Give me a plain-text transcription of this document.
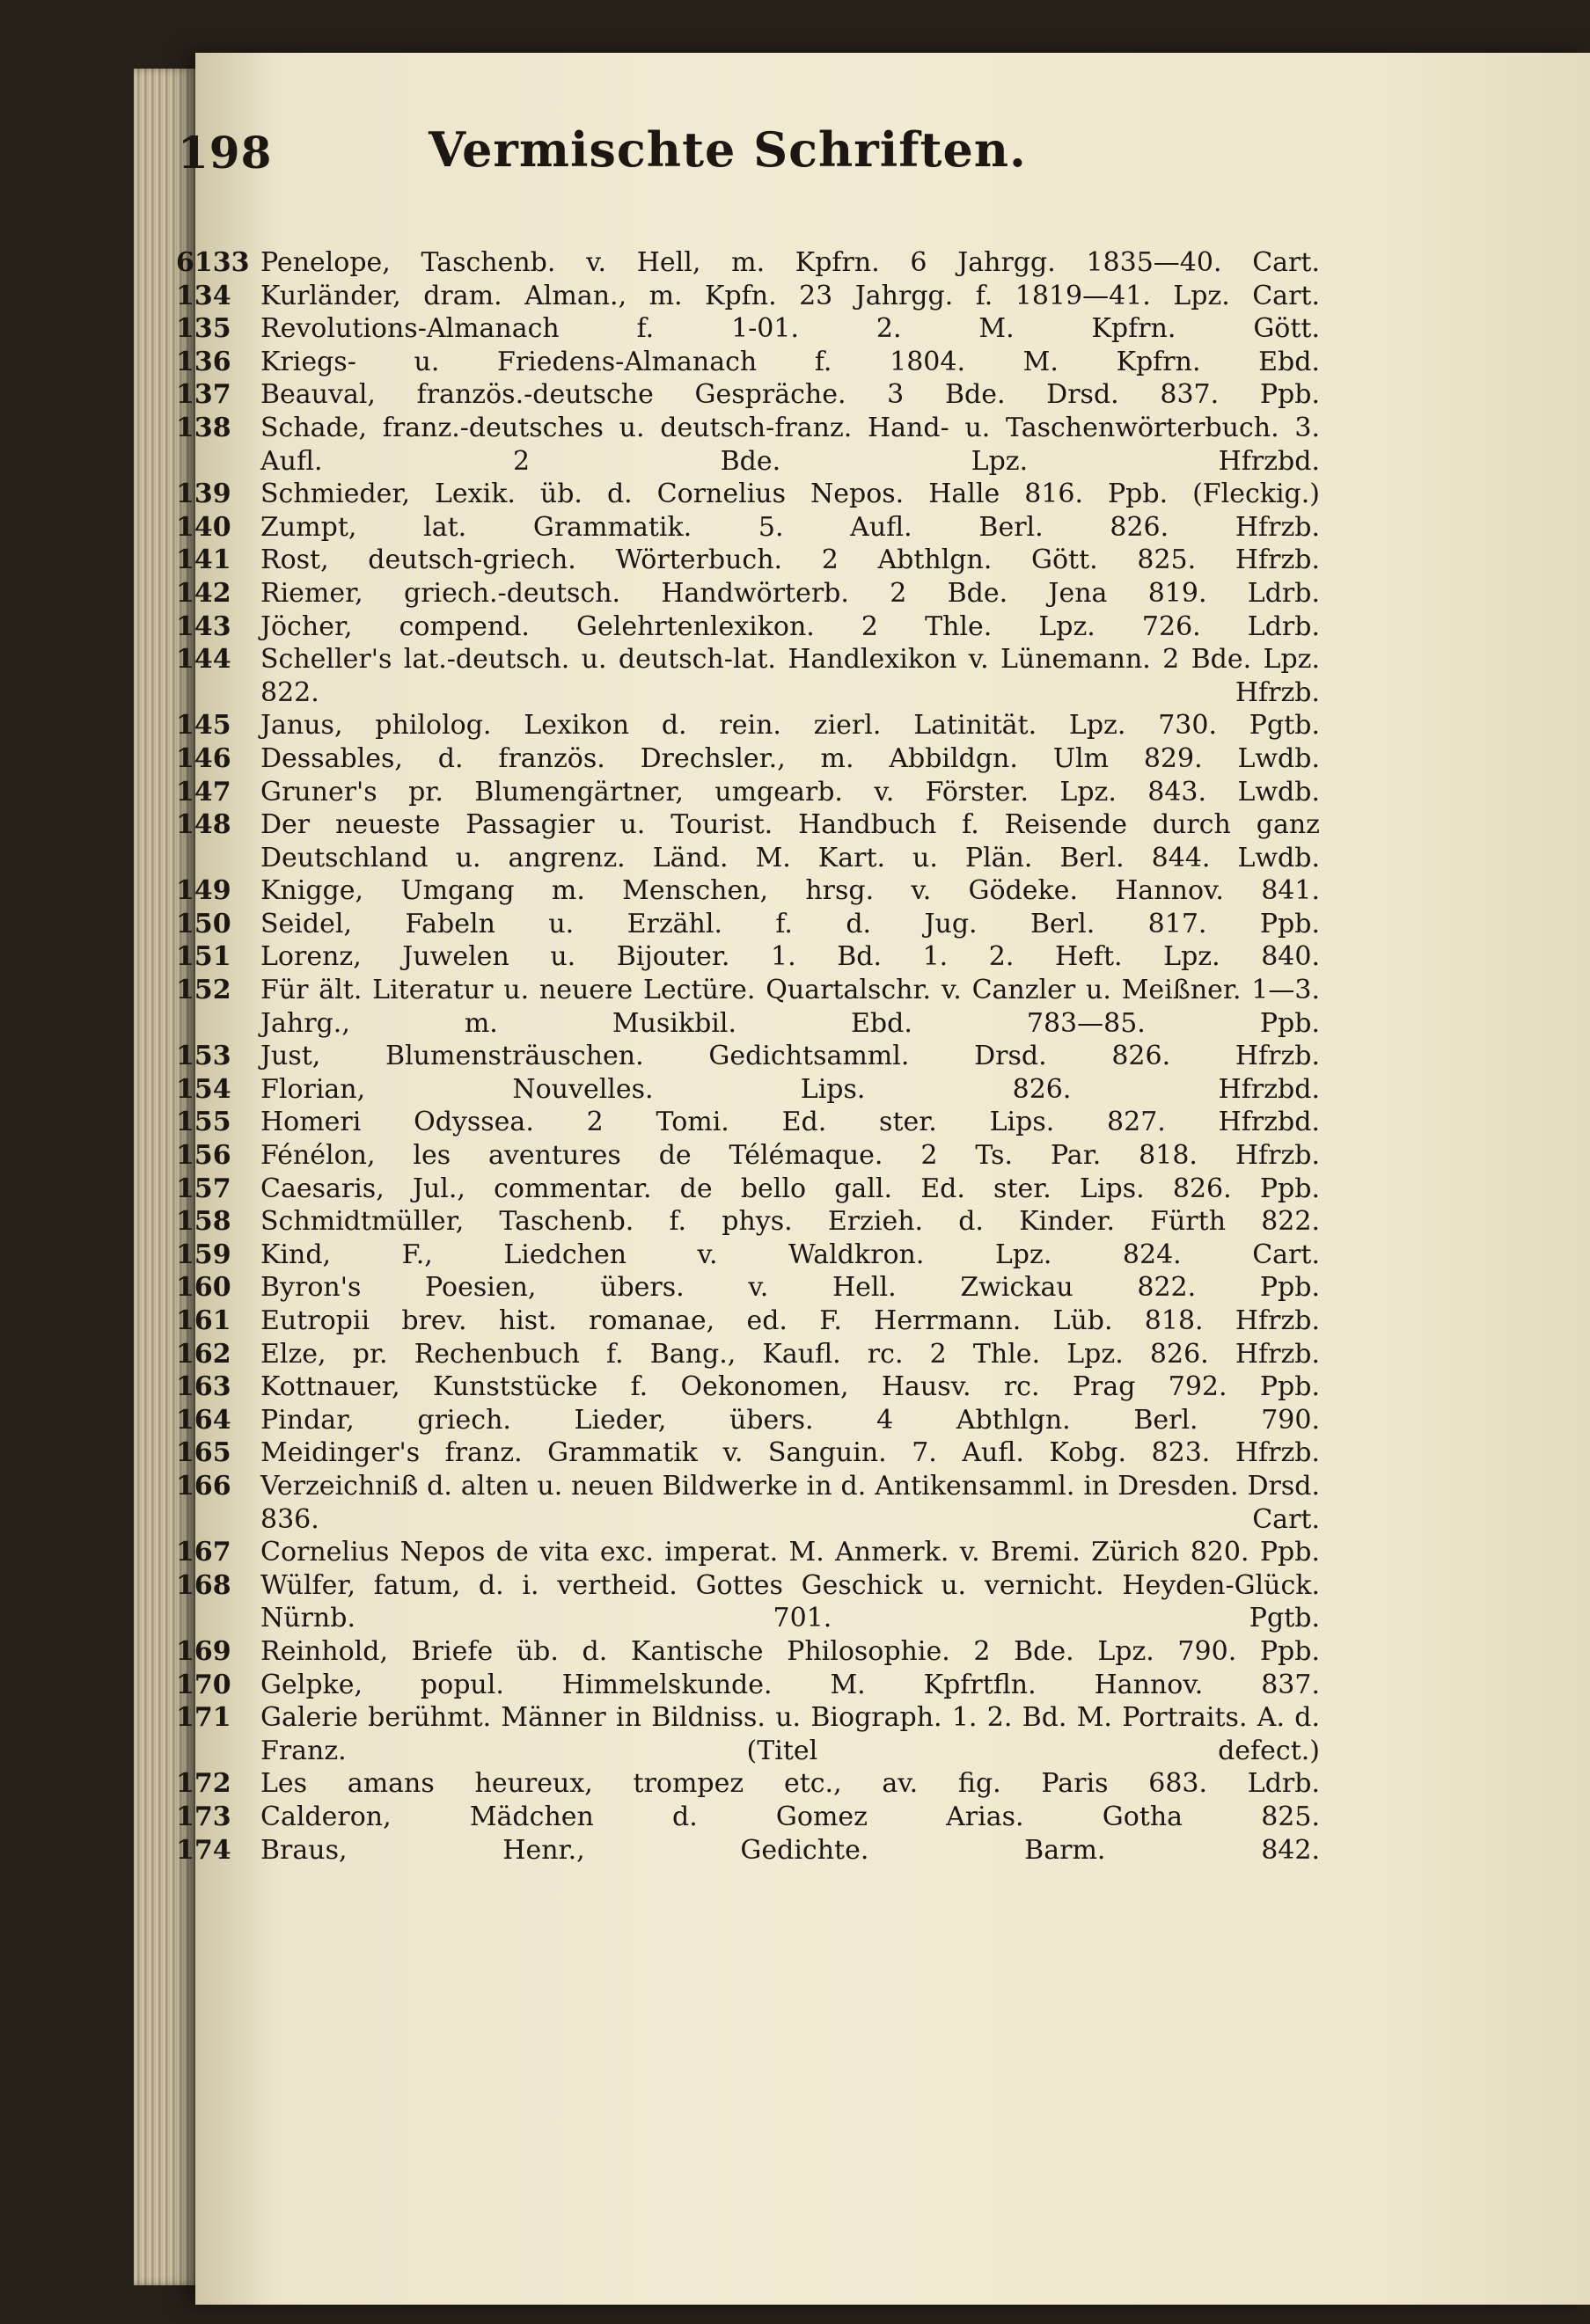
198	Vermischte Schriften.
6133 Penelope, Taschenb. v. Hell, m. Kpfrn. 6 Jahrgg. 1835—40. Cart.
134	Kurländer, dram. Alman., m. Kpfn. 23 Jahrgg. f. 1819—41. Lpz. Cart.
135	Revolutions-Almanach f. 1-01. 2. M. Kpfrn. Gött.
136	Kriegs- u. Friedens-Almanach f. 1804. M. Kpfrn. Ebd.
137	Beauval, französ.-deutsche Gespräche. 3 Bde. Drsd. 837. Ppb.
138	Schade, franz.-deutsches u. deutsch-franz. Hand- u. Taschenwörterbuch. 3. Aufl. 2 Bde. Lpz. Hfrzbd.
139	Schmieder, Lexik. üb. d. Cornelius Nepos. Halle 816. Ppb. (Fleckig.)
140	Zumpt, lat. Grammatik. 5. Aufl. Berl. 826. Hfrzb.
141	Rost, deutsch-griech. Wörterbuch. 2 Abthlgn. Gött. 825. Hfrzb.
142	Riemer, griech.-deutsch. Handwörterb. 2 Bde. Jena 819. Ldrb.
143	Jöcher, compend. Gelehrtenlexikon. 2 Thle. Lpz. 726. Ldrb.
144	Scheller's lat.-deutsch. u. deutsch-lat. Handlexikon v. Lünemann. 2 Bde. Lpz. 822. Hfrzb.
145	Janus, philolog. Lexikon d. rein. zierl. Latinität. Lpz. 730. Pgtb.
146	Dessables, d. französ. Drechsler., m. Abbildgn. Ulm 829. Lwdb.
147	Gruner's pr. Blumengärtner, umgearb. v. Förster. Lpz. 843. Lwdb.
148	Der neueste Passagier u. Tourist. Handbuch f. Reisende durch ganz Deutschland u. angrenz. Länd. M. Kart. u. Plän. Berl. 844. Lwdb.
149	Knigge, Umgang m. Menschen, hrsg. v. Gödeke. Hannov. 841.
150	Seidel, Fabeln u. Erzähl. f. d. Jug. Berl. 817. Ppb.
151	Lorenz, Juwelen u. Bijouter. 1. Bd. 1. 2. Heft. Lpz. 840.
152	Für ält. Literatur u. neuere Lectüre. Quartalschr. v. Canzler u. Meißner. 1—3. Jahrg., m. Musikbil. Ebd. 783—85. Ppb.
153	Just, Blumensträuschen. Gedichtsamml. Drsd. 826. Hfrzb.
154	Florian, Nouvelles. Lips. 826. Hfrzbd.
155	Homeri Odyssea. 2 Tomi. Ed. ster. Lips. 827. Hfrzbd.
156	Fénélon, les aventures de Télémaque. 2 Ts. Par. 818. Hfrzb.
157	Caesaris, Jul., commentar. de bello gall. Ed. ster. Lips. 826. Ppb.
158	Schmidtmüller, Taschenb. f. phys. Erzieh. d. Kinder. Fürth 822.
159	Kind, F., Liedchen v. Waldkron. Lpz. 824. Cart.
160	Byron's Poesien, übers. v. Hell. Zwickau 822. Ppb.
161	Eutropii brev. hist. romanae, ed. F. Herrmann. Lüb. 818. Hfrzb.
162	Elze, pr. Rechenbuch f. Bang., Kaufl. rc. 2 Thle. Lpz. 826. Hfrzb.
163	Kottnauer, Kunststücke f. Oekonomen, Hausv. rc. Prag 792. Ppb.
164	Pindar, griech. Lieder, übers. 4 Abthlgn. Berl. 790.
165	Meidinger's franz. Grammatik v. Sanguin. 7. Aufl. Kobg. 823. Hfrzb.
166	Verzeichniß d. alten u. neuen Bildwerke in d. Antikensamml. in Dresden. Drsd. 836. Cart.
167	Cornelius Nepos de vita exc. imperat. M. Anmerk. v. Bremi. Zürich 820. Ppb.
168	Wülfer, fatum, d. i. vertheid. Gottes Geschick u. vernicht. Heyden-Glück. Nürnb. 701. Pgtb.
169	Reinhold, Briefe üb. d. Kantische Philosophie. 2 Bde. Lpz. 790. Ppb.
170	Gelpke, popul. Himmelskunde. M. Kpfrtfln. Hannov. 837.
171	Galerie berühmt. Männer in Bildniss. u. Biograph. 1. 2. Bd. M. Portraits. A. d. Franz. (Titel defect.)
172	Les amans heureux, trompez etc., av. fig. Paris 683. Ldrb.
173	Calderon, Mädchen d. Gomez Arias. Gotha 825.
174	Braus, Henr., Gedichte. Barm. 842.
